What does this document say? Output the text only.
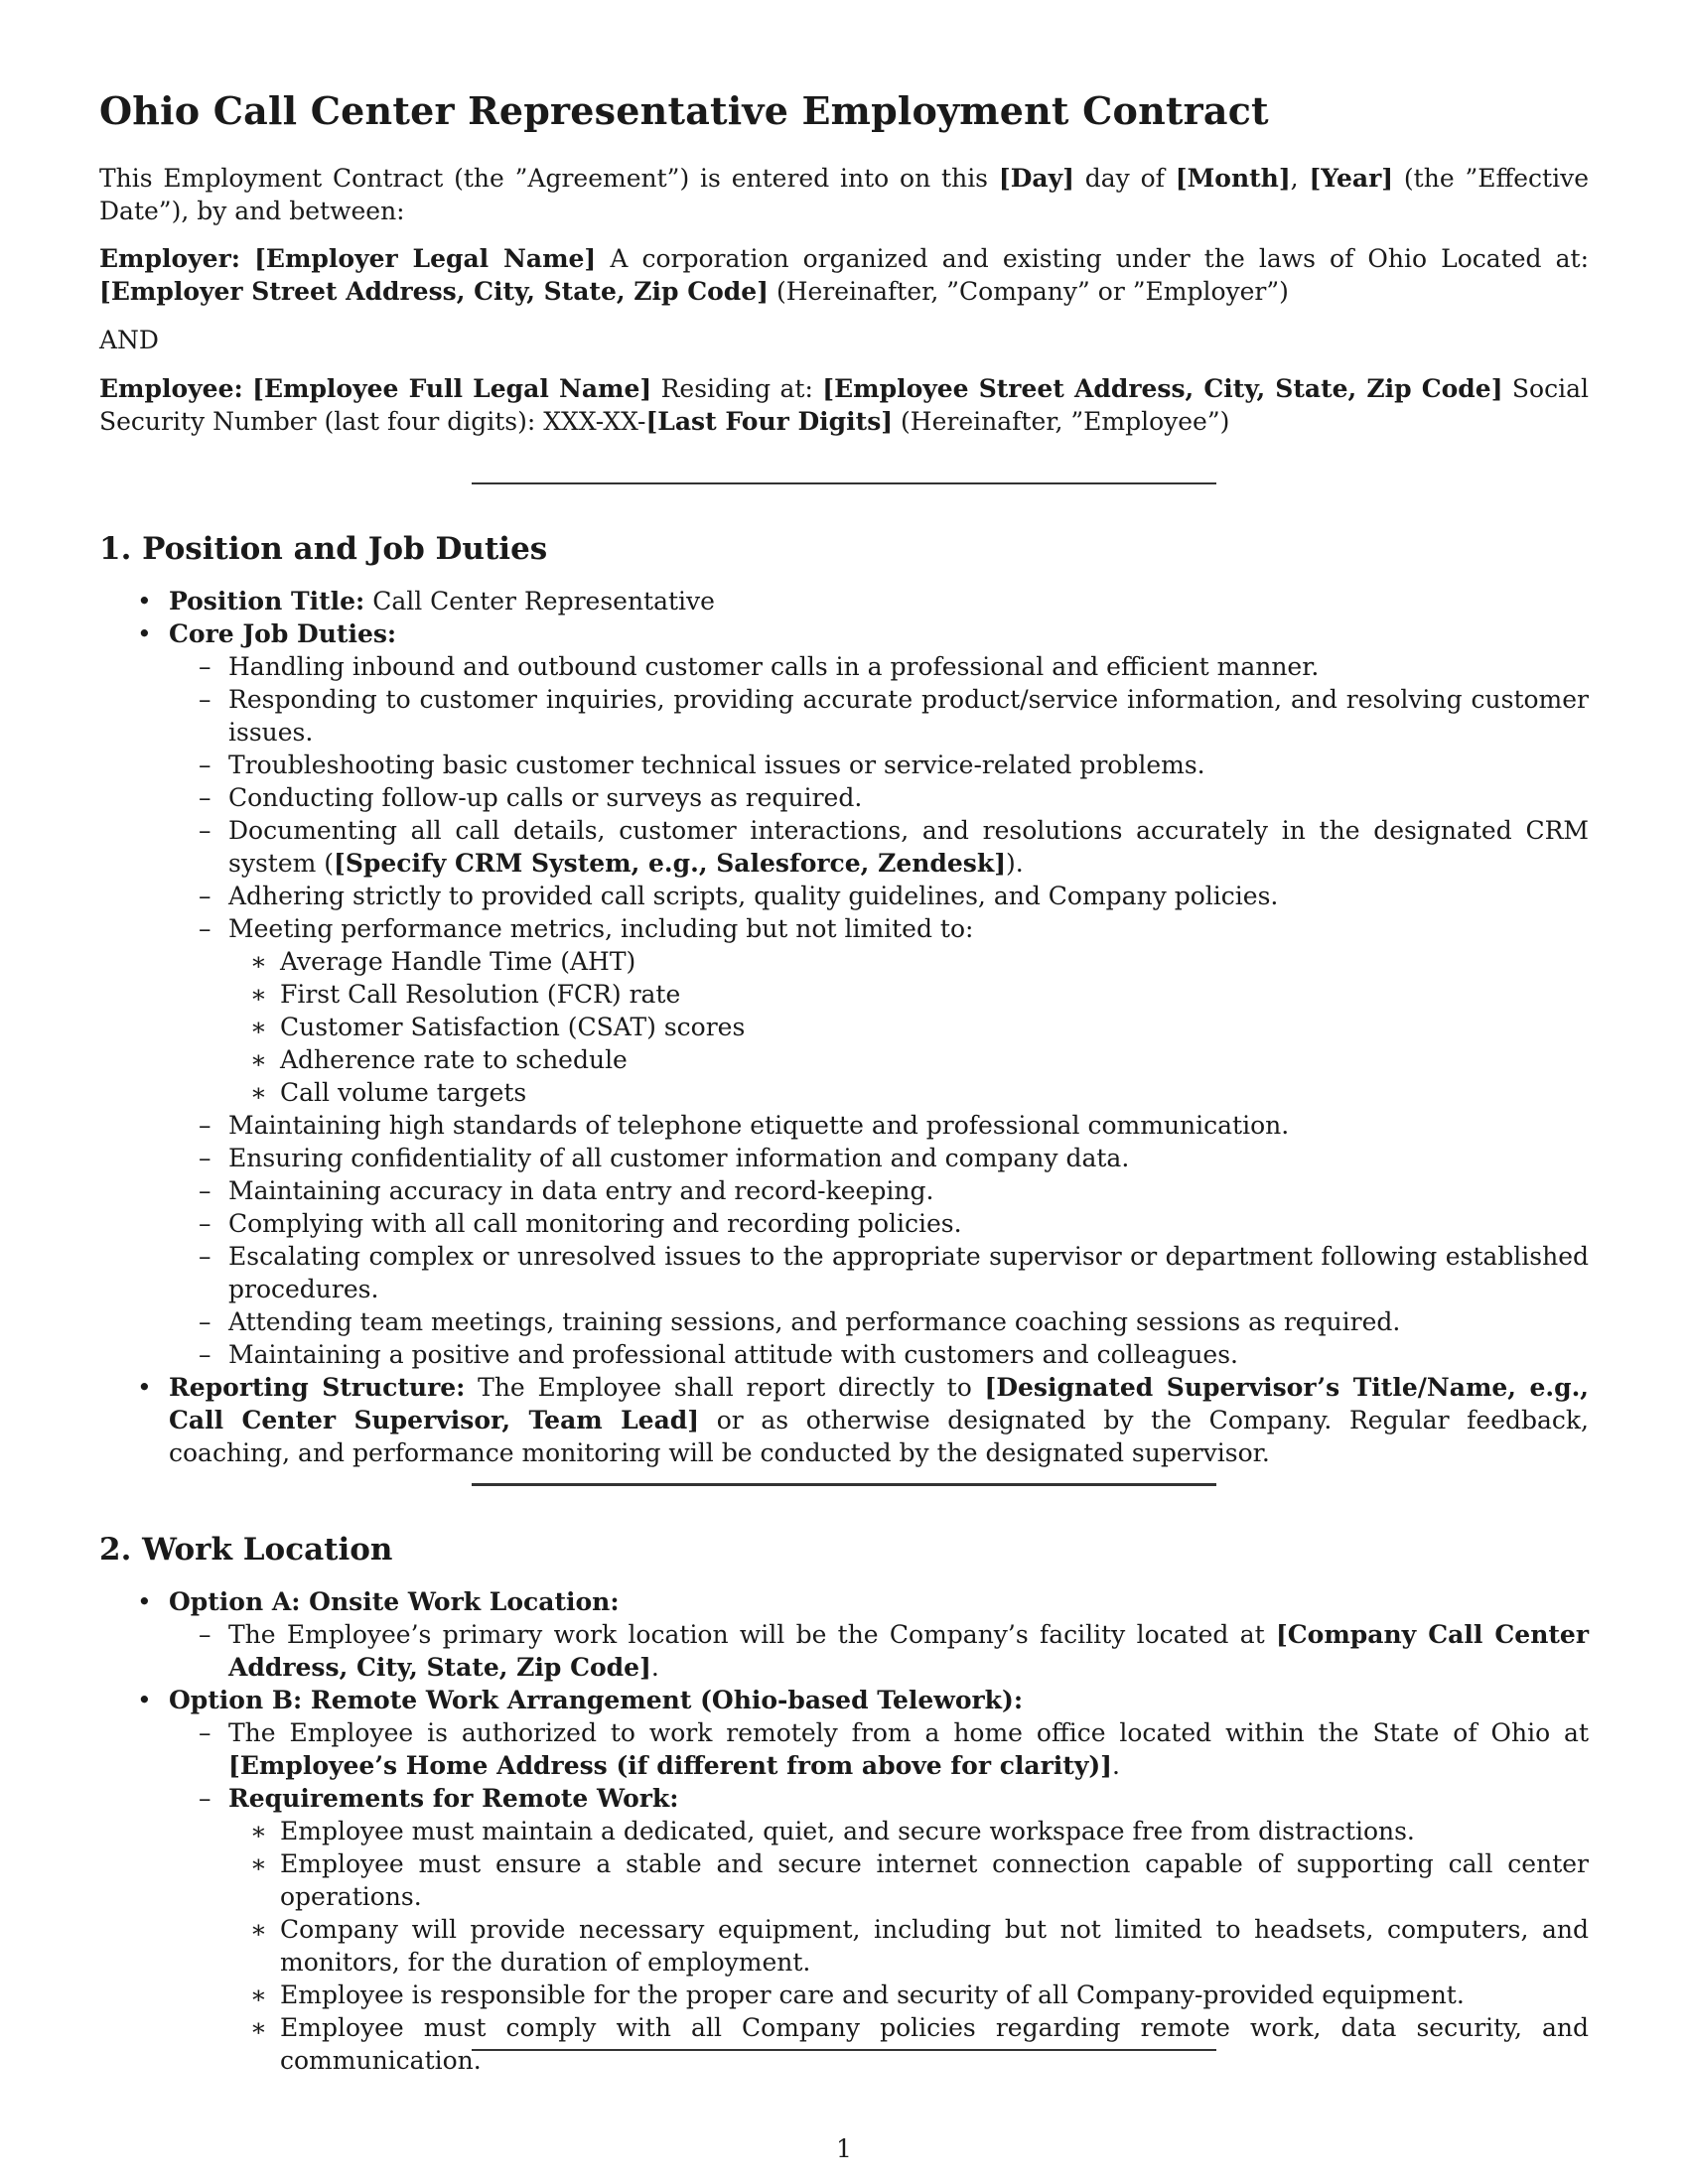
Ohio Call Center Representative Employment Contract
This Employment Contract (the ”Agreement”) is entered into on this [Day] day of [Month], [Year] (the ”Effective Date”), by and between:
Employer: [Employer Legal Name] A corporation organized and existing under the laws of Ohio Located at: [Employer Street Address, City, State, Zip Code] (Hereinafter, ”Company” or ”Employer”)
AND
Employee: [Employee Full Legal Name] Residing at: [Employee Street Address, City, State, Zip Code] Social Security Number (last four digits): XXX-XX-[Last Four Digits] (Hereinafter, ”Employee”)
1. Position and Job Duties
• Position Title: Call Center Representative
• Core Job Duties:
– Handling inbound and outbound customer calls in a professional and efficient manner.
– Responding to customer inquiries, providing accurate product/service information, and resolving customer issues.
– Troubleshooting basic customer technical issues or service-related problems.
– Conducting follow-up calls or surveys as required.
– Documenting all call details, customer interactions, and resolutions accurately in the designated CRM system ([Specify CRM System, e.g., Salesforce, Zendesk]).
– Adhering strictly to provided call scripts, quality guidelines, and Company policies.
– Meeting performance metrics, including but not limited to:
∗ Average Handle Time (AHT)
∗ First Call Resolution (FCR) rate
∗ Customer Satisfaction (CSAT) scores
∗ Adherence rate to schedule
∗ Call volume targets
– Maintaining high standards of telephone etiquette and professional communication.
– Ensuring confidentiality of all customer information and company data.
– Maintaining accuracy in data entry and record-keeping.
– Complying with all call monitoring and recording policies.
– Escalating complex or unresolved issues to the appropriate supervisor or department following established procedures.
– Attending team meetings, training sessions, and performance coaching sessions as required.
– Maintaining a positive and professional attitude with customers and colleagues.
• Reporting Structure: The Employee shall report directly to [Designated Supervisor’s Title/Name, e.g., Call Center Supervisor, Team Lead] or as otherwise designated by the Company. Regular feedback, coaching, and performance monitoring will be conducted by the designated supervisor.
2. Work Location
• Option A: Onsite Work Location:
– The Employee’s primary work location will be the Company’s facility located at [Company Call Center Address, City, State, Zip Code].
• Option B: Remote Work Arrangement (Ohio-based Telework):
– The Employee is authorized to work remotely from a home office located within the State of Ohio at [Employee’s Home Address (if different from above for clarity)].
– Requirements for Remote Work:
∗ Employee must maintain a dedicated, quiet, and secure workspace free from distractions.
∗ Employee must ensure a stable and secure internet connection capable of supporting call center operations.
∗ Company will provide necessary equipment, including but not limited to headsets, computers, and monitors, for the duration of employment.
∗ Employee is responsible for the proper care and security of all Company-provided equipment.
∗ Employee must comply with all Company policies regarding remote work, data security, and communication.
1
